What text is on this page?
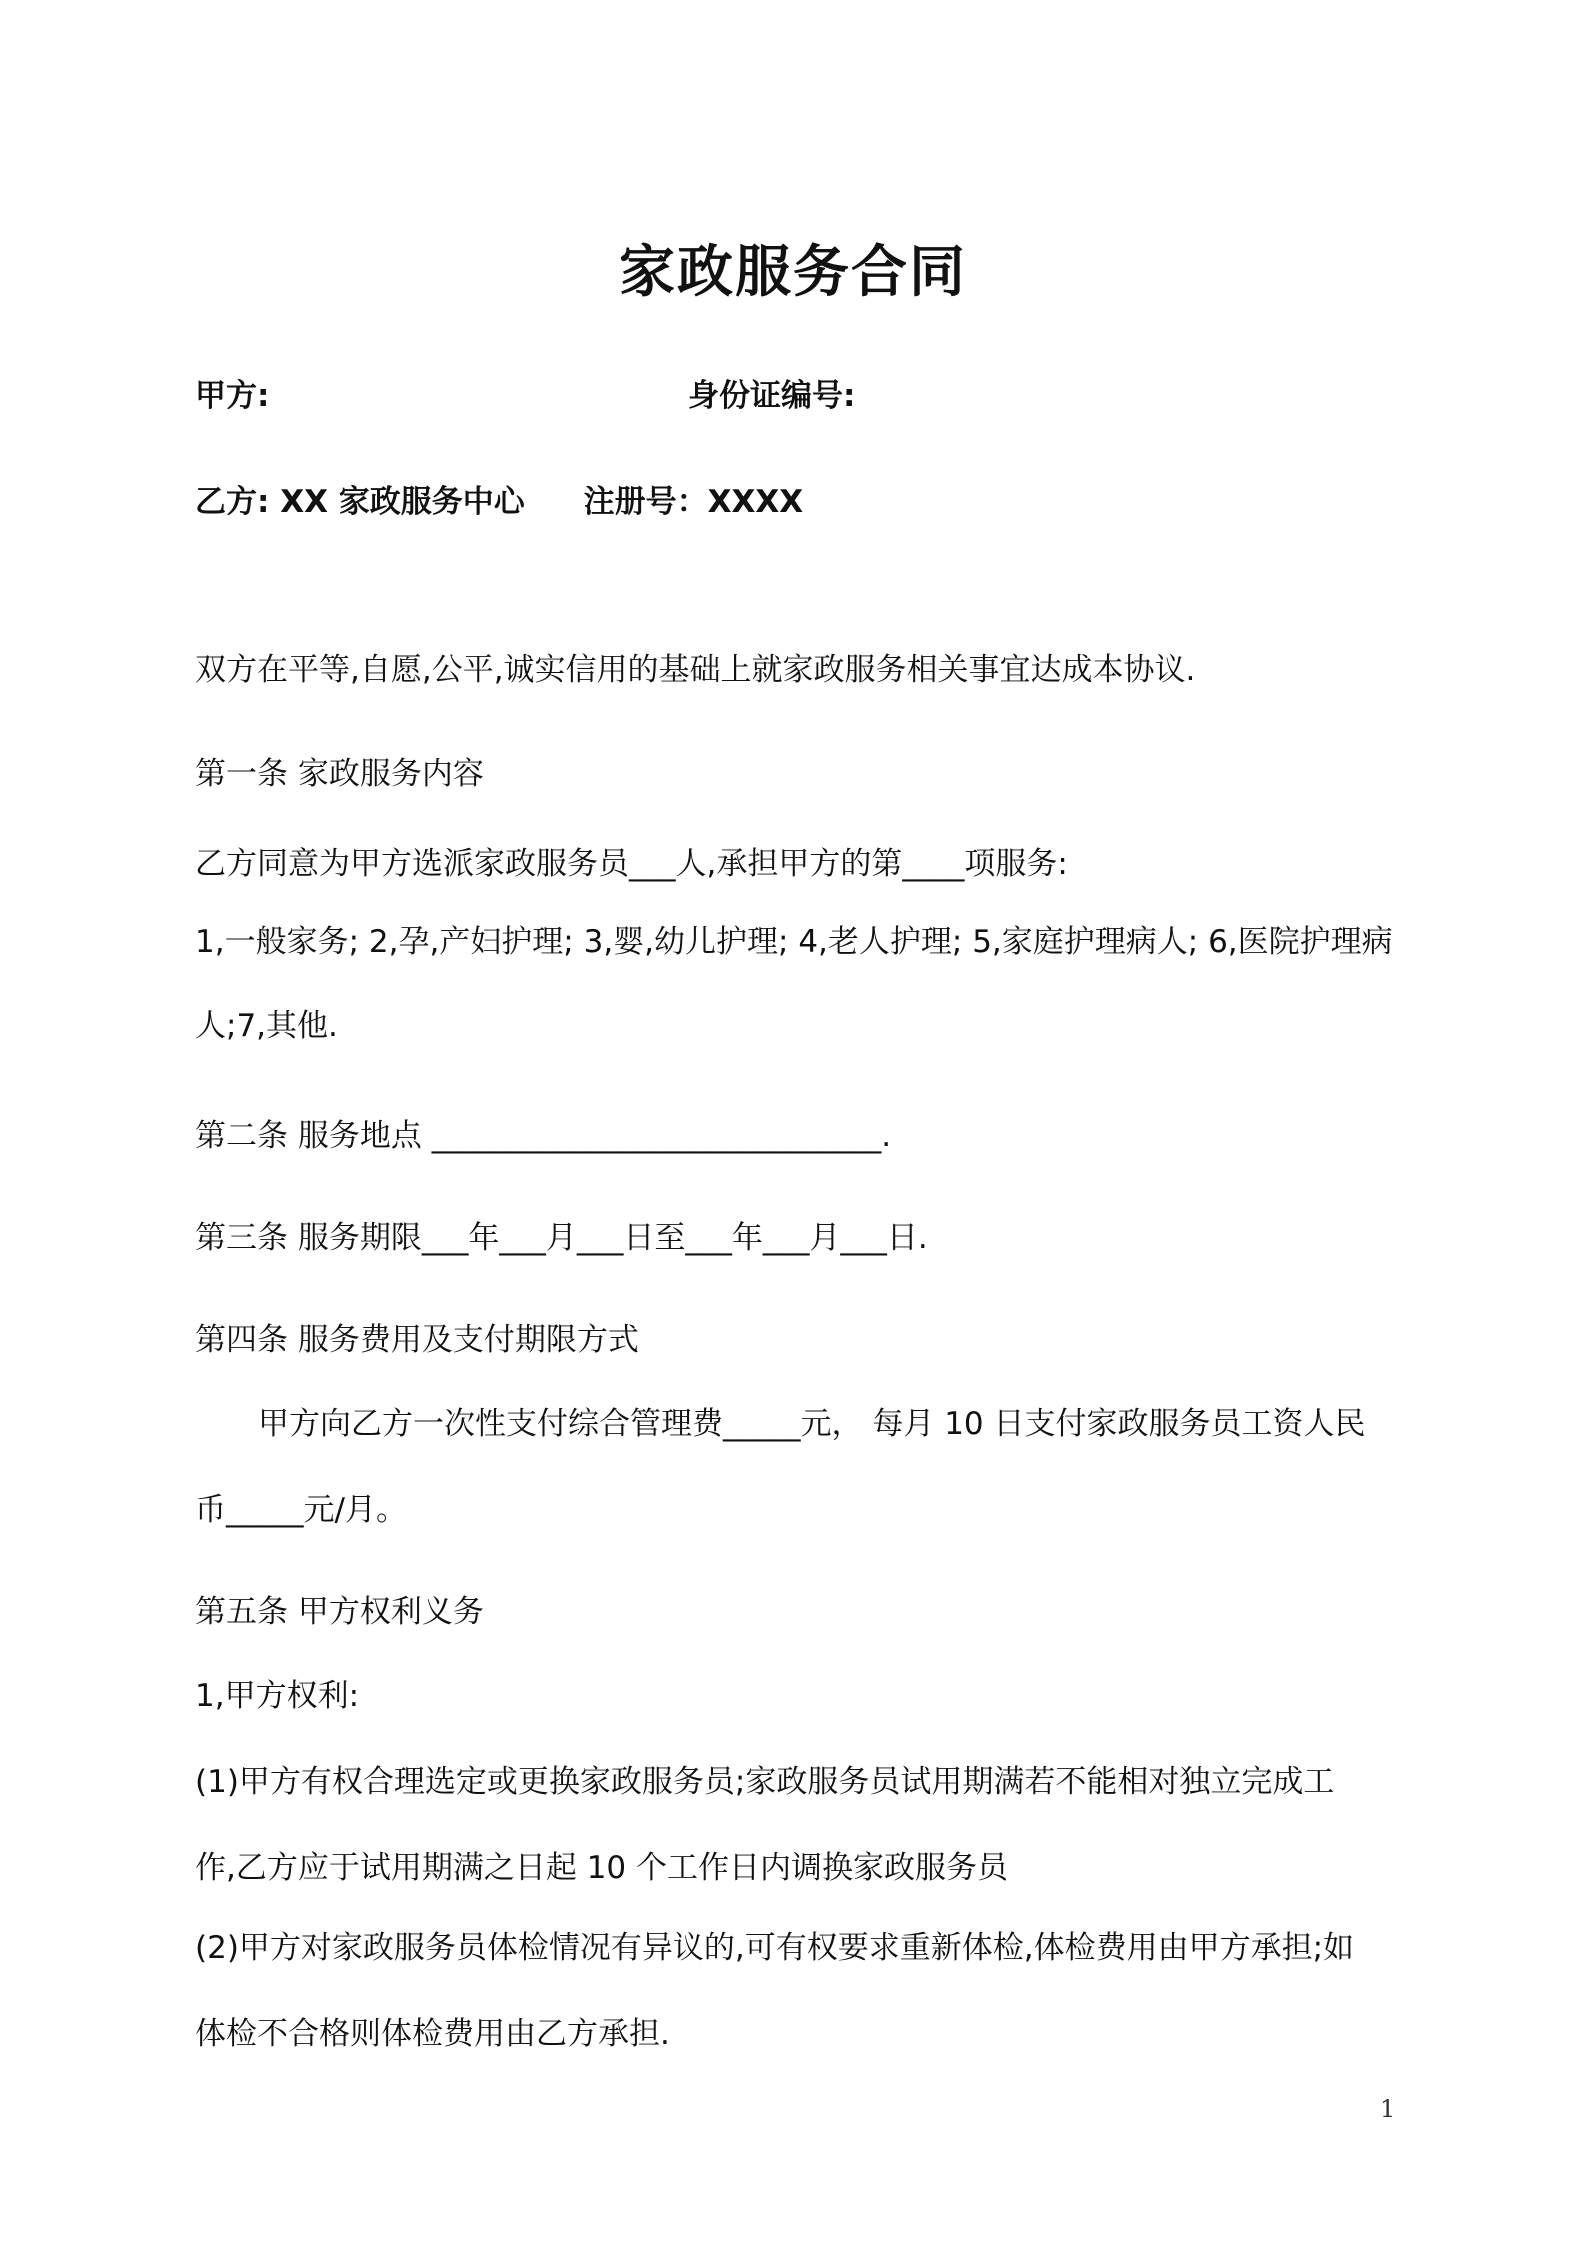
家政服务合同
甲方:	身份证编号:
乙方: XX 家政服务中心 注册号：XXXX
双方在平等,自愿,公平,诚实信用的基础上就家政服务相关事宜达成本协议.
第一条 家政服务内容
乙方同意为甲方选派家政服务员___人,承担甲方的第____项服务:
1,一般家务; 2,孕,产妇护理; 3,婴,幼儿护理; 4,老人护理; 5,家庭护理病人; 6,医院护理病
人;7,其他.
第二条 服务地点 _____________________________.
第三条 服务期限___年___月___日至___年___月___日.
第四条 服务费用及支付期限方式
甲方向乙方一次性支付综合管理费_____元， 每月 10 日支付家政服务员工资人民
币_____元/月。
第五条 甲方权利义务
1,甲方权利:
(1)甲方有权合理选定或更换家政服务员;家政服务员试用期满若不能相对独立完成工
作,乙方应于试用期满之日起 10 个工作日内调换家政服务员
(2)甲方对家政服务员体检情况有异议的,可有权要求重新体检,体检费用由甲方承担;如
体检不合格则体检费用由乙方承担.
1
